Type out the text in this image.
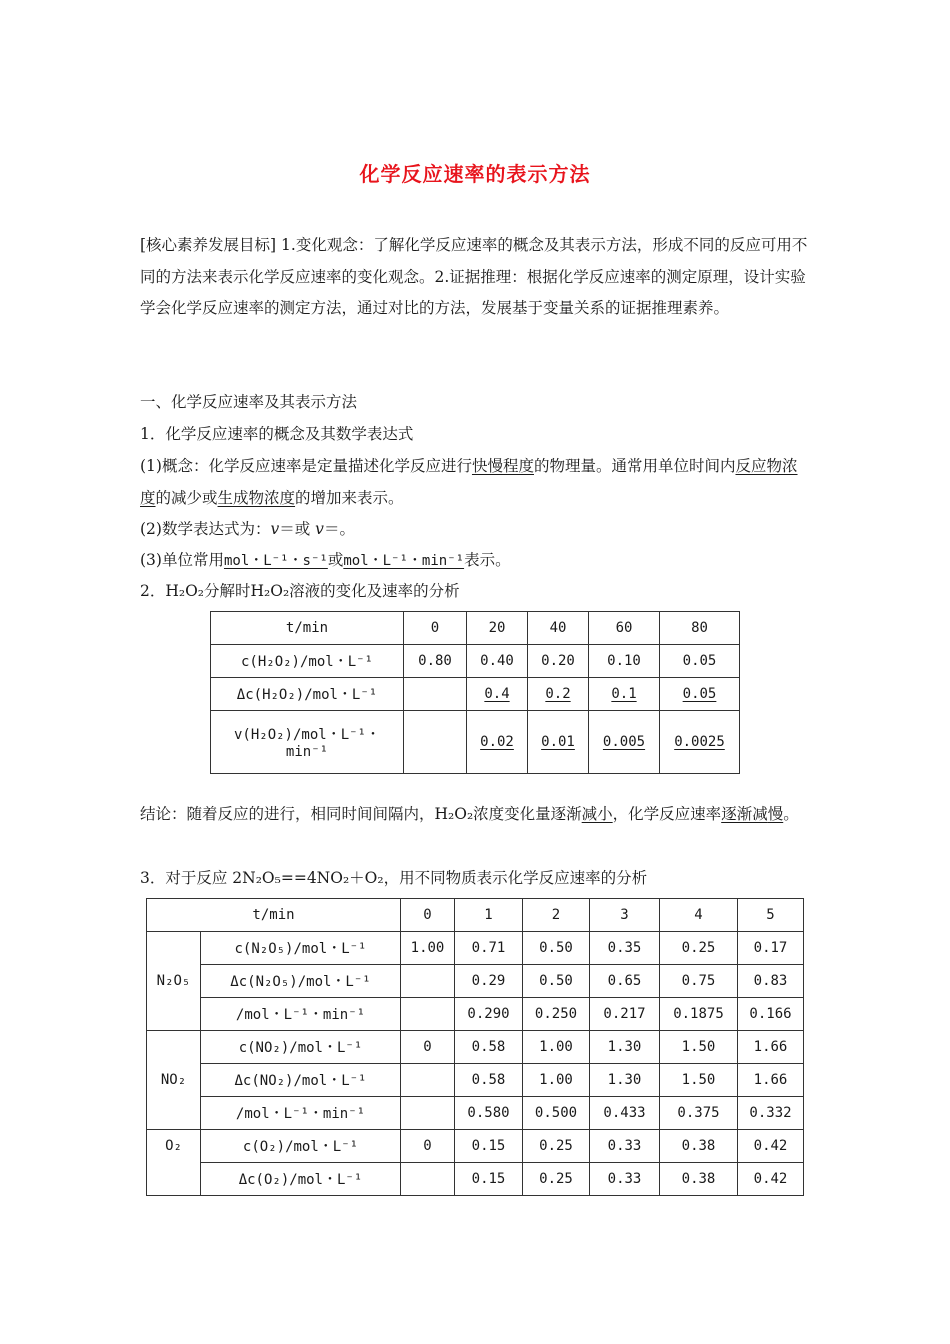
化学反应速率的表示方法
[核心素养发展目标] 1.变化观念：了解化学反应速率的概念及其表示方法，形成不同的反应可用不同的方法来表示化学反应速率的变化观念。2.证据推理：根据化学反应速率的测定原理，设计实验学会化学反应速率的测定方法，通过对比的方法，发展基于变量关系的证据推理素养。
一、化学反应速率及其表示方法
1．化学反应速率的概念及其数学表达式
(1)概念：化学反应速率是定量描述化学反应进行快慢程度的物理量。通常用单位时间内反应物浓度的减少或生成物浓度的增加来表示。
(2)数学表达式为：v＝或 v＝。
(3)单位常用mol・L⁻¹・s⁻¹或mol・L⁻¹・min⁻¹表示。
2．H₂O₂分解时H₂O₂溶液的变化及速率的分析
t/min	0	20	40	60	80
c(H₂O₂)/mol・L⁻¹	0.80	0.40	0.20	0.10	0.05
Δc(H₂O₂)/mol・L⁻¹		0.4	0.2	0.1	0.05
v(H₂O₂)/mol・L⁻¹・min⁻¹		0.02	0.01	0.005	0.0025
结论：随着反应的进行，相同时间间隔内，H₂O₂浓度变化量逐渐减小，化学反应速率逐渐减慢。
3．对于反应 2N₂O₅==4NO₂＋O₂，用不同物质表示化学反应速率的分析
t/min		0	1	2	3	4	5
N₂O₅	c(N₂O₅)/mol・L⁻¹	1.00	0.71	0.50	0.35	0.25	0.17
	Δc(N₂O₅)/mol・L⁻¹		0.29	0.50	0.65	0.75	0.83
	/mol・L⁻¹・min⁻¹		0.290	0.250	0.217	0.1875	0.166
NO₂	c(NO₂)/mol・L⁻¹	0	0.58	1.00	1.30	1.50	1.66
	Δc(NO₂)/mol・L⁻¹		0.58	1.00	1.30	1.50	1.66
	/mol・L⁻¹・min⁻¹		0.580	0.500	0.433	0.375	0.332
O₂	c(O₂)/mol・L⁻¹	0	0.15	0.25	0.33	0.38	0.42
	Δc(O₂)/mol・L⁻¹		0.15	0.25	0.33	0.38	0.42
